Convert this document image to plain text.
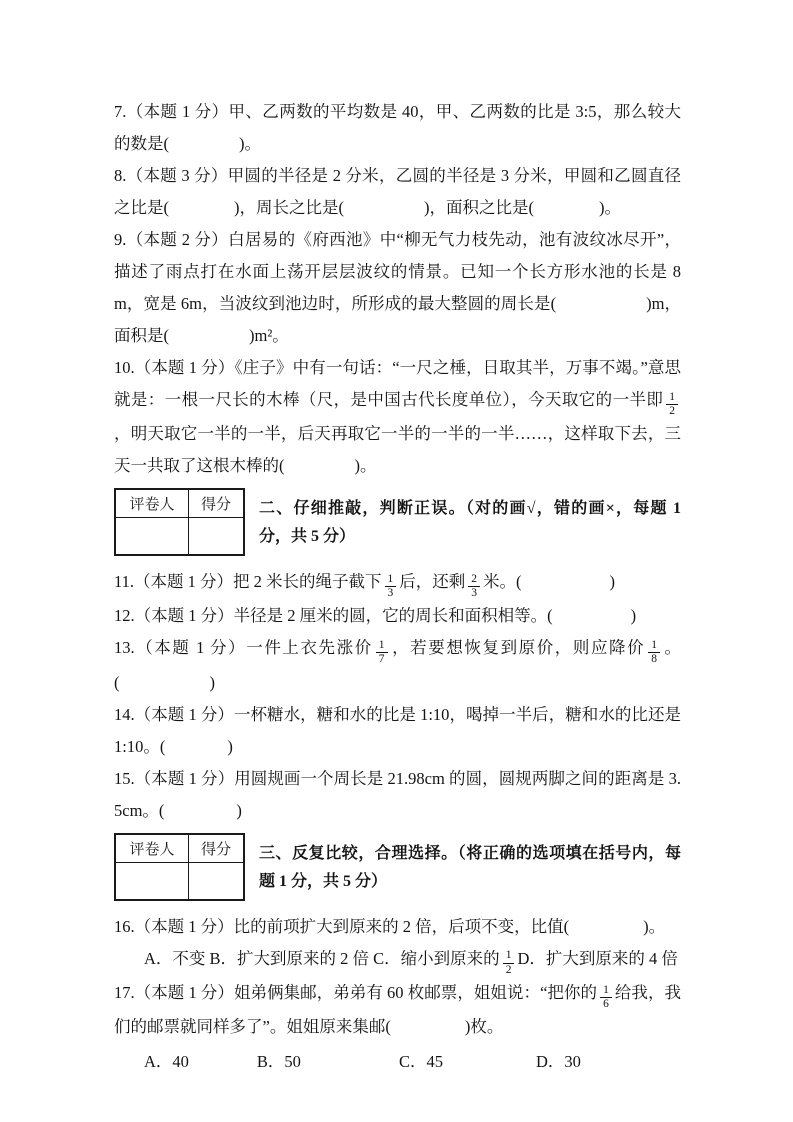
7.（本题 1 分）甲、乙两数的平均数是 40，甲、乙两数的比是 3:5，那么较大的数是(	)。

8.（本题 3 分）甲圆的半径是 2 分米，乙圆的半径是 3 分米，甲圆和乙圆直径之比是(	)，周长之比是(	)，面积之比是(	)。

9.（本题 2 分）白居易的《府西池》中“柳无气力枝先动，池有波纹冰尽开”，描述了雨点打在水面上荡开层层波纹的情景。已知一个长方形水池的长是 8m，宽是 6m，当波纹到池边时，所形成的最大整圆的周长是(	)m，面积是(	)m²。

10.（本题 1 分）《庄子》中有一句话：“一尺之棰，日取其半，万事不竭。”意思就是：一根一尺长的木棒（尺，是中国古代长度单位），今天取它的一半即 $\frac{1}{2}$
，明天取它一半的一半，后天再取它一半的一半的一半……，这样取下去，三天一共取了这根木棒的(	)。

评卷人	得分
	二、仔细推敲，判断正误。（对的画√，错的画×，每题 1 分，共 5 分）

11.（本题 1 分）把 2 米长的绳子截下 $\frac{1}{3}$ 后，还剩 $\frac{2}{3}$ 米。(	)

12.（本题 1 分）半径是 2 厘米的圆，它的周长和面积相等。(	)

13.（本题 1 分）一件上衣先涨价 $\frac{1}{7}$ ，若要想恢复到原价，则应降价 $\frac{1}{8}$ 。(	)

14.（本题 1 分）一杯糖水，糖和水的比是 1:10，喝掉一半后，糖和水的比还是 1:10。(	)

15.（本题 1 分）用圆规画一个周长是 21.98cm 的圆，圆规两脚之间的距离是 3.5cm。(	)

评卷人	得分
	三、反复比较，合理选择。（将正确的选项填在括号内，每题 1 分，共 5 分）

16.（本题 1 分）比的前项扩大到原来的 2 倍，后项不变，比值(	)。

A．不变 B．扩大到原来的 2 倍 C．缩小到原来的 $\frac{1}{2}$ D．扩大到原来的 4 倍

17.（本题 1 分）姐弟俩集邮，弟弟有 60 枚邮票，姐姐说：“把你的 $\frac{1}{6}$ 给我，我们的邮票就同样多了”。姐姐原来集邮(	)枚。

A．40	B．50	C．45	D．30
